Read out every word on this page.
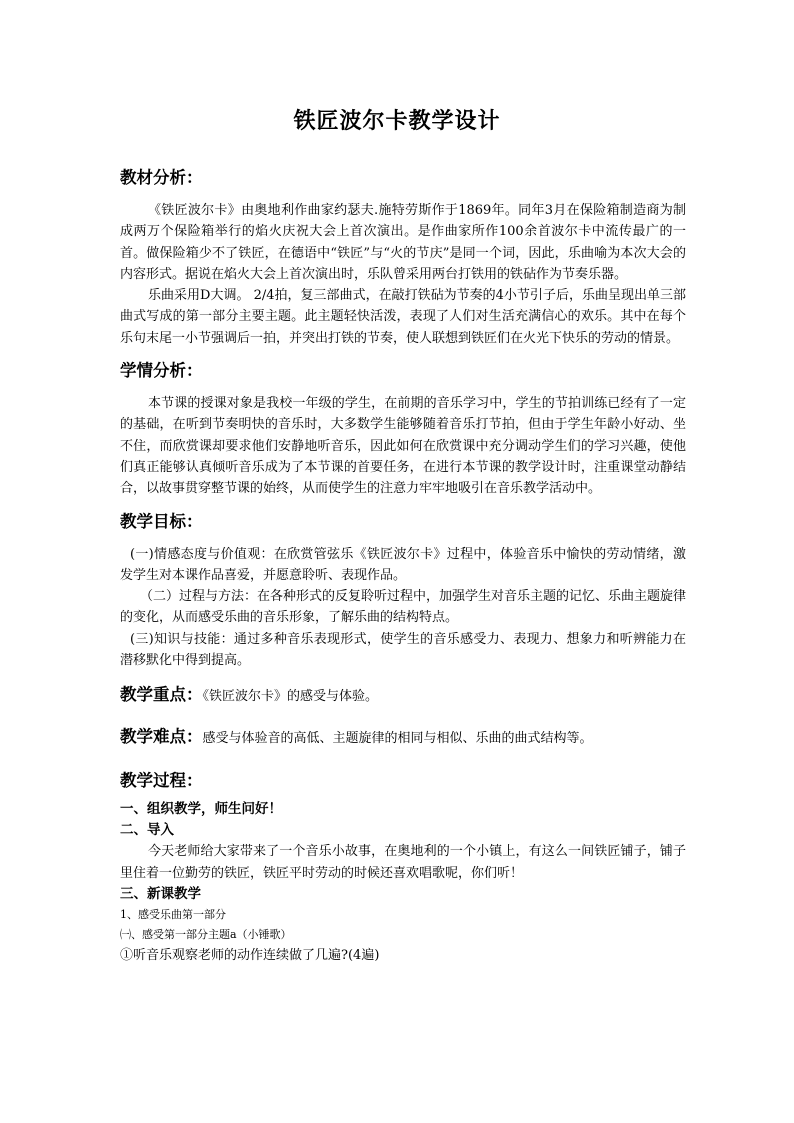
铁匠波尔卡教学设计
教材分析：

《铁匠波尔卡》由奥地利作曲家约瑟夫.施特劳斯作于1869年。同年3月在保险箱制造商为制成两万个保险箱举行的焰火庆祝大会上首次演出。是作曲家所作100余首波尔卡中流传最广的一首。做保险箱少不了铁匠，在德语中“铁匠”与“火的节庆”是同一个词，因此，乐曲喻为本次大会的内容形式。据说在焰火大会上首次演出时，乐队曾采用两台打铁用的铁砧作为节奏乐器。

乐曲采用D大调。 2/4拍，复三部曲式，在敲打铁砧为节奏的4小节引子后，乐曲呈现出单三部曲式写成的第一部分主要主题。此主题轻快活泼，表现了人们对生活充满信心的欢乐。其中在每个乐句末尾一小节强调后一拍，并突出打铁的节奏，使人联想到铁匠们在火光下快乐的劳动的情景。

学情分析：

本节课的授课对象是我校一年级的学生，在前期的音乐学习中，学生的节拍训练已经有了一定的基础，在听到节奏明快的音乐时，大多数学生能够随着音乐打节拍，但由于学生年龄小好动、坐不住，而欣赏课却要求他们安静地听音乐，因此如何在欣赏课中充分调动学生们的学习兴趣，使他们真正能够认真倾听音乐成为了本节课的首要任务，在进行本节课的教学设计时，注重课堂动静结合，以故事贯穿整节课的始终，从而使学生的注意力牢牢地吸引在音乐教学活动中。

教学目标：

(一)情感态度与价值观：在欣赏管弦乐《铁匠波尔卡》过程中，体验音乐中愉快的劳动情绪，激发学生对本课作品喜爱，并愿意聆听、表现作品。

（二）过程与方法：在各种形式的反复聆听过程中，加强学生对音乐主题的记忆、乐曲主题旋律的变化，从而感受乐曲的音乐形象，了解乐曲的结构特点。

(三)知识与技能：通过多种音乐表现形式，使学生的音乐感受力、表现力、想象力和听辨能力在潜移默化中得到提高。

教学重点：《铁匠波尔卡》的感受与体验。

教学难点：感受与体验音的高低、主题旋律的相同与相似、乐曲的曲式结构等。

教学过程：

一、组织教学，师生问好！

二、导入

今天老师给大家带来了一个音乐小故事，在奥地利的一个小镇上，有这么一间铁匠铺子，铺子里住着一位勤劳的铁匠，铁匠平时劳动的时候还喜欢唱歌呢，你们听！

三、新课教学

1、感受乐曲第一部分

㈠、感受第一部分主题a（小锤歌）

①听音乐观察老师的动作连续做了几遍?(4遍)
